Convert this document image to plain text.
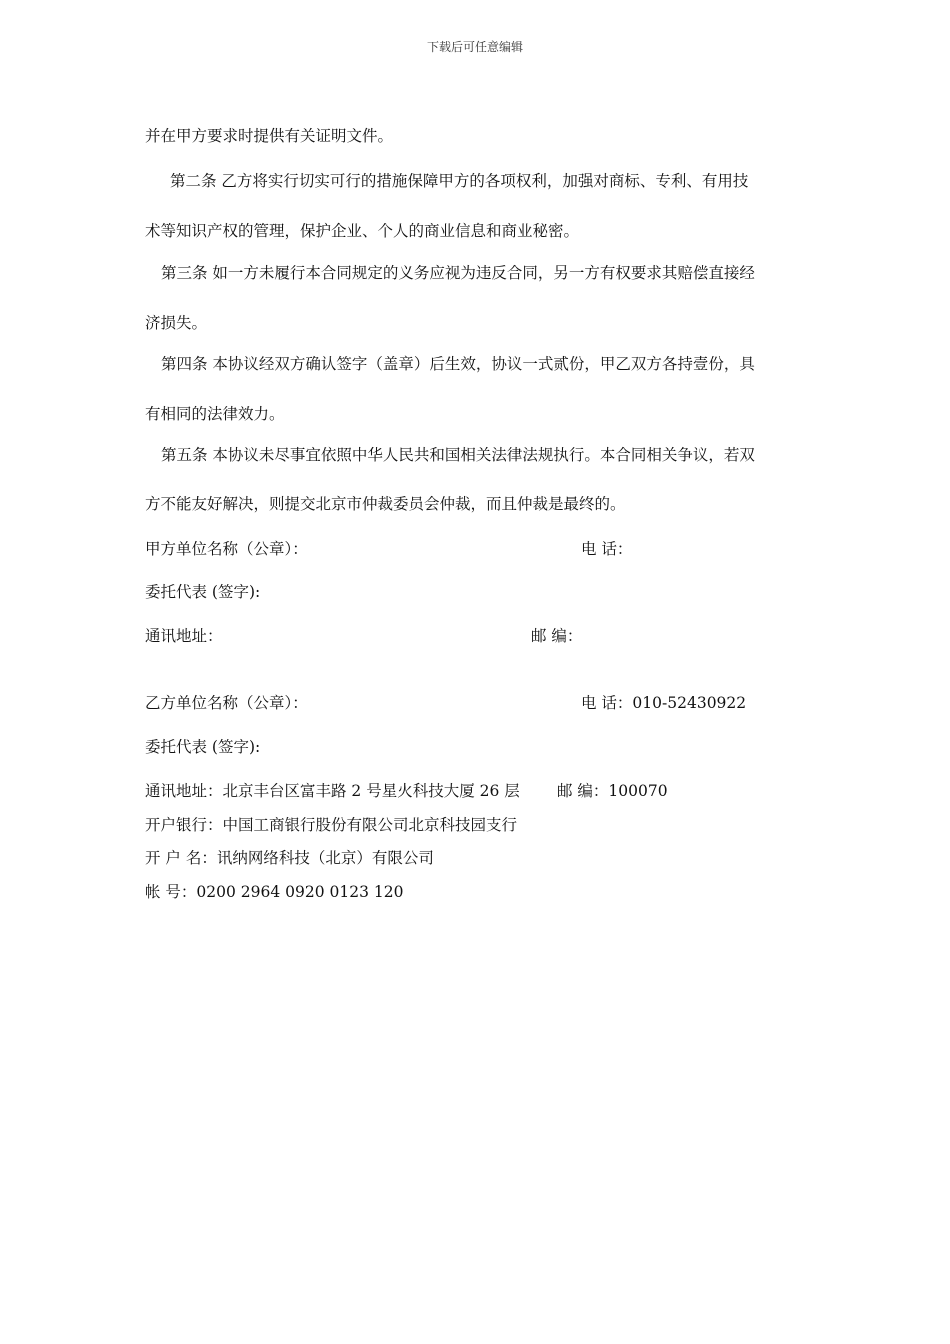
下载后可任意编辑
并在甲方要求时提供有关证明文件。
第二条 乙方将实行切实可行的措施保障甲方的各项权利，加强对商标、专利、有用技
术等知识产权的管理，保护企业、个人的商业信息和商业秘密。
第三条 如一方未履行本合同规定的义务应视为违反合同，另一方有权要求其赔偿直接经
济损失。
第四条 本协议经双方确认签字（盖章）后生效，协议一式贰份，甲乙双方各持壹份，具
有相同的法律效力。
第五条 本协议未尽事宜依照中华人民共和国相关法律法规执行。本合同相关争议，若双
方不能友好解决，则提交北京市仲裁委员会仲裁，而且仲裁是最终的。
甲方单位名称（公章）：	电 话：
委托代表 (签字):
通讯地址：	邮 编：
乙方单位名称（公章）：	电 话：010-52430922
委托代表 (签字):
通讯地址：北京丰台区富丰路 2 号星火科技大厦 26 层 邮 编：100070
开户银行：中国工商银行股份有限公司北京科技园支行
开 户 名：讯纳网络科技（北京）有限公司
帐 号：0200 2964 0920 0123 120
